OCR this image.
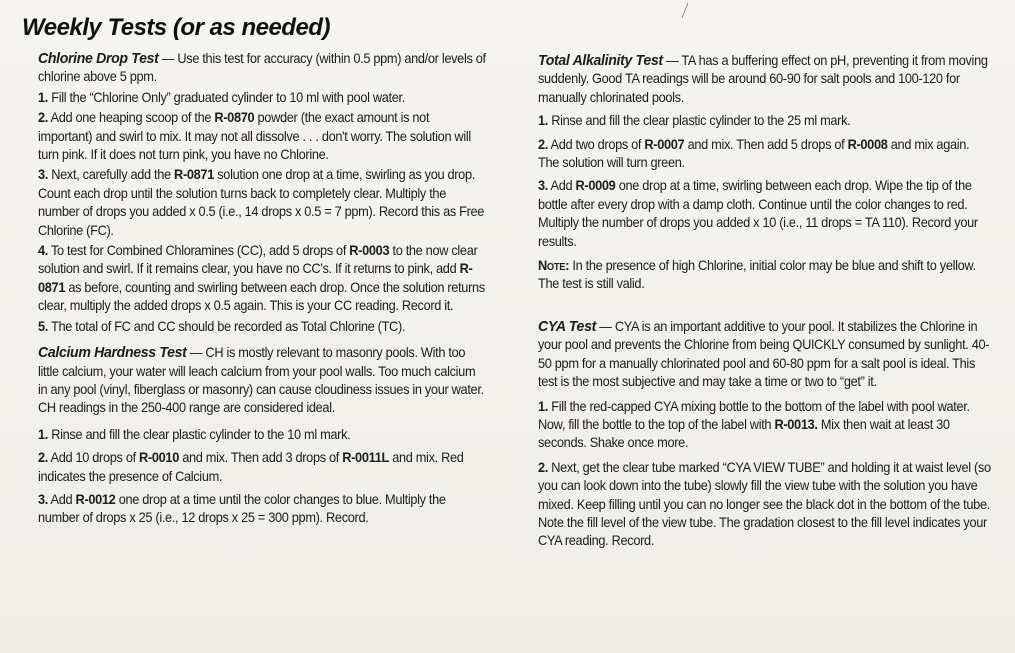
Weekly Tests (or as needed)

Chlorine Drop Test — Use this test for accuracy (within 0.5 ppm) and/or levels of chlorine above 5 ppm.

1. Fill the “Chlorine Only” graduated cylinder to 10 ml with pool water.

2. Add one heaping scoop of the R-0870 powder (the exact amount is not important) and swirl to mix. It may not all dissolve . . . don't worry. The solution will turn pink. If it does not turn pink, you have no Chlorine.

3. Next, carefully add the R-0871 solution one drop at a time, swirling as you drop. Count each drop until the solution turns back to completely clear. Multiply the number of drops you added x 0.5 (i.e., 14 drops x 0.5 = 7 ppm). Record this as Free Chlorine (FC).

4. To test for Combined Chloramines (CC), add 5 drops of R-0003 to the now clear solution and swirl. If it remains clear, you have no CC's. If it returns to pink, add R-0871 as before, counting and swirling between each drop. Once the solution returns clear, multiply the added drops x 0.5 again. This is your CC reading. Record it.

5. The total of FC and CC should be recorded as Total Chlorine (TC).

Calcium Hardness Test — CH is mostly relevant to masonry pools. With too little calcium, your water will leach calcium from your pool walls. Too much calcium in any pool (vinyl, fiberglass or masonry) can cause cloudiness issues in your water. CH readings in the 250-400 range are considered ideal.

1. Rinse and fill the clear plastic cylinder to the 10 ml mark.

2. Add 10 drops of R-0010 and mix. Then add 3 drops of R-0011L and mix. Red indicates the presence of Calcium.

3. Add R-0012 one drop at a time until the color changes to blue. Multiply the number of drops x 25 (i.e., 12 drops x 25 = 300 ppm). Record.

Total Alkalinity Test — TA has a buffering effect on pH, preventing it from moving suddenly. Good TA readings will be around 60-90 for salt pools and 100-120 for manually chlorinated pools.

1. Rinse and fill the clear plastic cylinder to the 25 ml mark.

2. Add two drops of R-0007 and mix. Then add 5 drops of R-0008 and mix again. The solution will turn green.

3. Add R-0009 one drop at a time, swirling between each drop. Wipe the tip of the bottle after every drop with a damp cloth. Continue until the color changes to red. Multiply the number of drops you added x 10 (i.e., 11 drops = TA 110). Record your results.

Note: In the presence of high Chlorine, initial color may be blue and shift to yellow. The test is still valid.

CYA Test — CYA is an important additive to your pool. It stabilizes the Chlorine in your pool and prevents the Chlorine from being QUICKLY consumed by sunlight. 40-50 ppm for a manually chlorinated pool and 60-80 ppm for a salt pool is ideal. This test is the most subjective and may take a time or two to “get” it.

1. Fill the red-capped CYA mixing bottle to the bottom of the label with pool water. Now, fill the bottle to the top of the label with R-0013. Mix then wait at least 30 seconds. Shake once more.

2. Next, get the clear tube marked “CYA VIEW TUBE” and holding it at waist level (so you can look down into the tube) slowly fill the view tube with the solution you have mixed. Keep filling until you can no longer see the black dot in the bottom of the tube. Note the fill level of the view tube. The gradation closest to the fill level indicates your CYA reading. Record.
